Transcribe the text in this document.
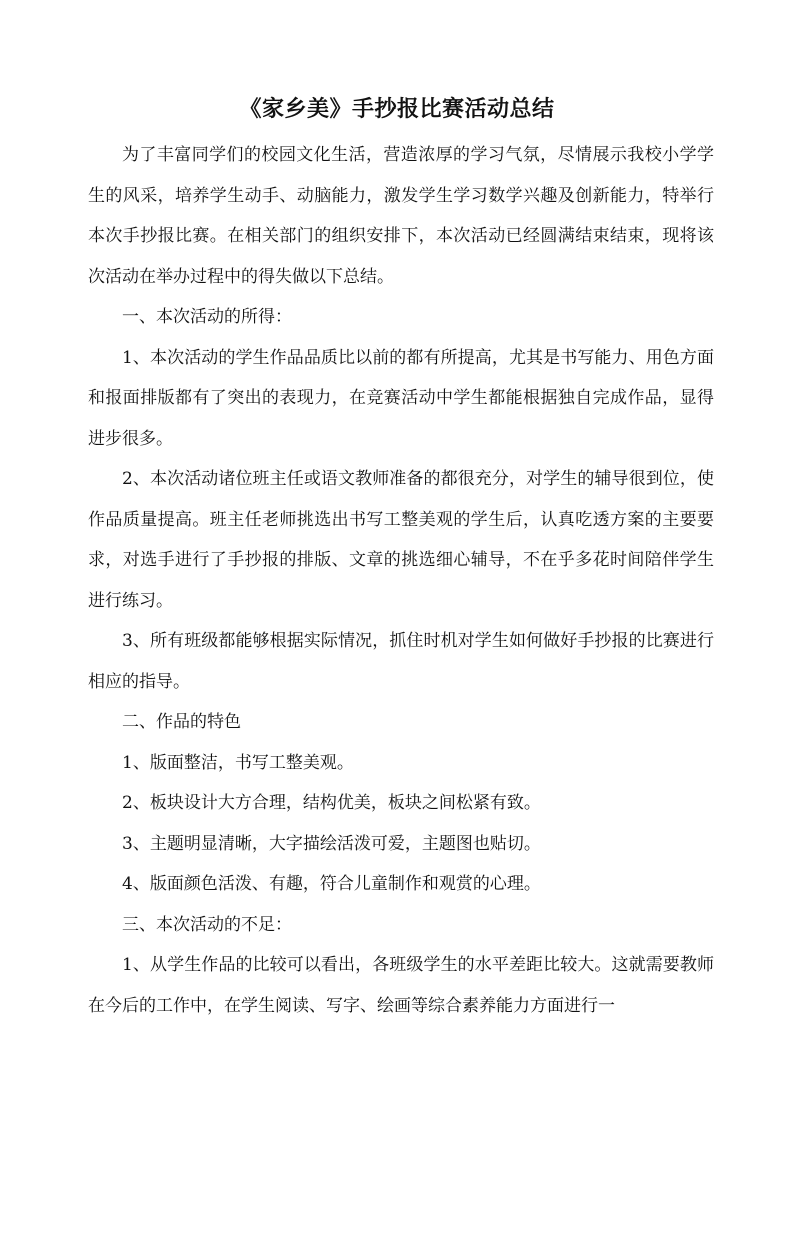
《家乡美》手抄报比赛活动总结

为了丰富同学们的校园文化生活，营造浓厚的学习气氛，尽情展示我校小学学生的风采，培养学生动手、动脑能力，激发学生学习数学兴趣及创新能力，特举行本次手抄报比赛。在相关部门的组织安排下，本次活动已经圆满结束结束，现将该次活动在举办过程中的得失做以下总结。

一、本次活动的所得：

1、本次活动的学生作品品质比以前的都有所提高，尤其是书写能力、用色方面和报面排版都有了突出的表现力，在竞赛活动中学生都能根据独自完成作品，显得进步很多。

2、本次活动诸位班主任或语文教师准备的都很充分，对学生的辅导很到位，使作品质量提高。班主任老师挑选出书写工整美观的学生后，认真吃透方案的主要要求，对选手进行了手抄报的排版、文章的挑选细心辅导，不在乎多花时间陪伴学生进行练习。

3、所有班级都能够根据实际情况，抓住时机对学生如何做好手抄报的比赛进行相应的指导。

二、作品的特色

1、版面整洁，书写工整美观。

2、板块设计大方合理，结构优美，板块之间松紧有致。

3、主题明显清晰，大字描绘活泼可爱，主题图也贴切。

4、版面颜色活泼、有趣，符合儿童制作和观赏的心理。

三、本次活动的不足：

1、从学生作品的比较可以看出，各班级学生的水平差距比较大。这就需要教师在今后的工作中，在学生阅读、写字、绘画等综合素养能力方面进行一
